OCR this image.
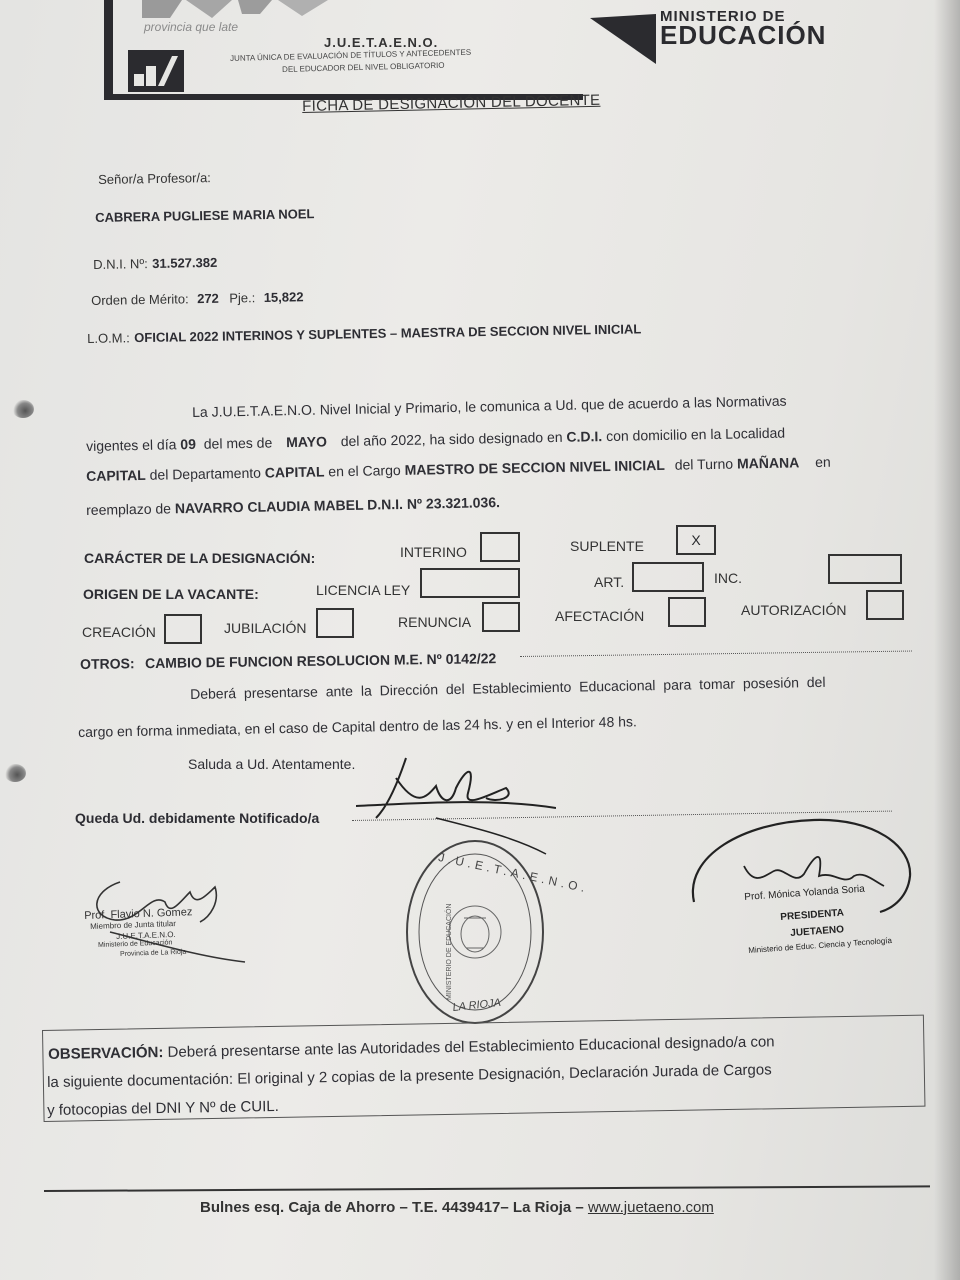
provincia que late
J.U.E.T.A.E.N.O.
JUNTA ÚNICA DE EVALUACIÓN DE TÍTULOS Y ANTECEDENTES
DEL EDUCADOR DEL NIVEL OBLIGATORIO
MINISTERIO DE
EDUCACIÓN
FICHA DE DESIGNACIÓN DEL DOCENTE
Señor/a Profesor/a:
CABRERA PUGLIESE MARIA NOEL
D.N.I. Nº: 31.527.382
Orden de Mérito: 272 Pje.: 15,822
L.O.M.: OFICIAL 2022 INTERINOS Y SUPLENTES – MAESTRA DE SECCION NIVEL INICIAL
La J.U.E.T.A.E.N.O. Nivel Inicial y Primario, le comunica a Ud. que de acuerdo a las Normativas
vigentes el día 09 del mes de MAYO del año 2022, ha sido designado en C.D.I. con domicilio en la Localidad
CAPITAL del Departamento CAPITAL en el Cargo MAESTRO DE SECCION NIVEL INICIAL del Turno MAÑANA en
reemplazo de NAVARRO CLAUDIA MABEL D.N.I. Nº 23.321.036.
CARÁCTER DE LA DESIGNACIÓN:	INTERINO	SUPLENTE	X
ORIGEN DE LA VACANTE:	LICENCIA LEY	ART.	INC.
CREACIÓN	JUBILACIÓN	RENUNCIA	AFECTACIÓN	AUTORIZACIÓN
OTROS: CAMBIO DE FUNCION RESOLUCION M.E. Nº 0142/22
Deberá presentarse ante la Dirección del Establecimiento Educacional para tomar posesión del
cargo en forma inmediata, en el caso de Capital dentro de las 24 hs. y en el Interior 48 hs.
Saluda a Ud. Atentamente.
Queda Ud. debidamente Notificado/a
Prof. Flavio N. Gomez
Miembro de Junta titular
J.U.E.T.A.E.N.O.
Ministerio de Educación
Provincia de La Rioja
J.U.E.T.A.E.N.O.
MINISTERIO DE EDUCACIÓN
LA RIOJA
Prof. Mónica Yolanda Soria
PRESIDENTA
JUETAENO
Ministerio de Educ. Ciencia y Tecnología
OBSERVACIÓN: Deberá presentarse ante las Autoridades del Establecimiento Educacional designado/a con
la siguiente documentación: El original y 2 copias de la presente Designación, Declaración Jurada de Cargos
y fotocopias del DNI Y Nº de CUIL.
Bulnes esq. Caja de Ahorro – T.E. 4439417– La Rioja – www.juetaeno.com
